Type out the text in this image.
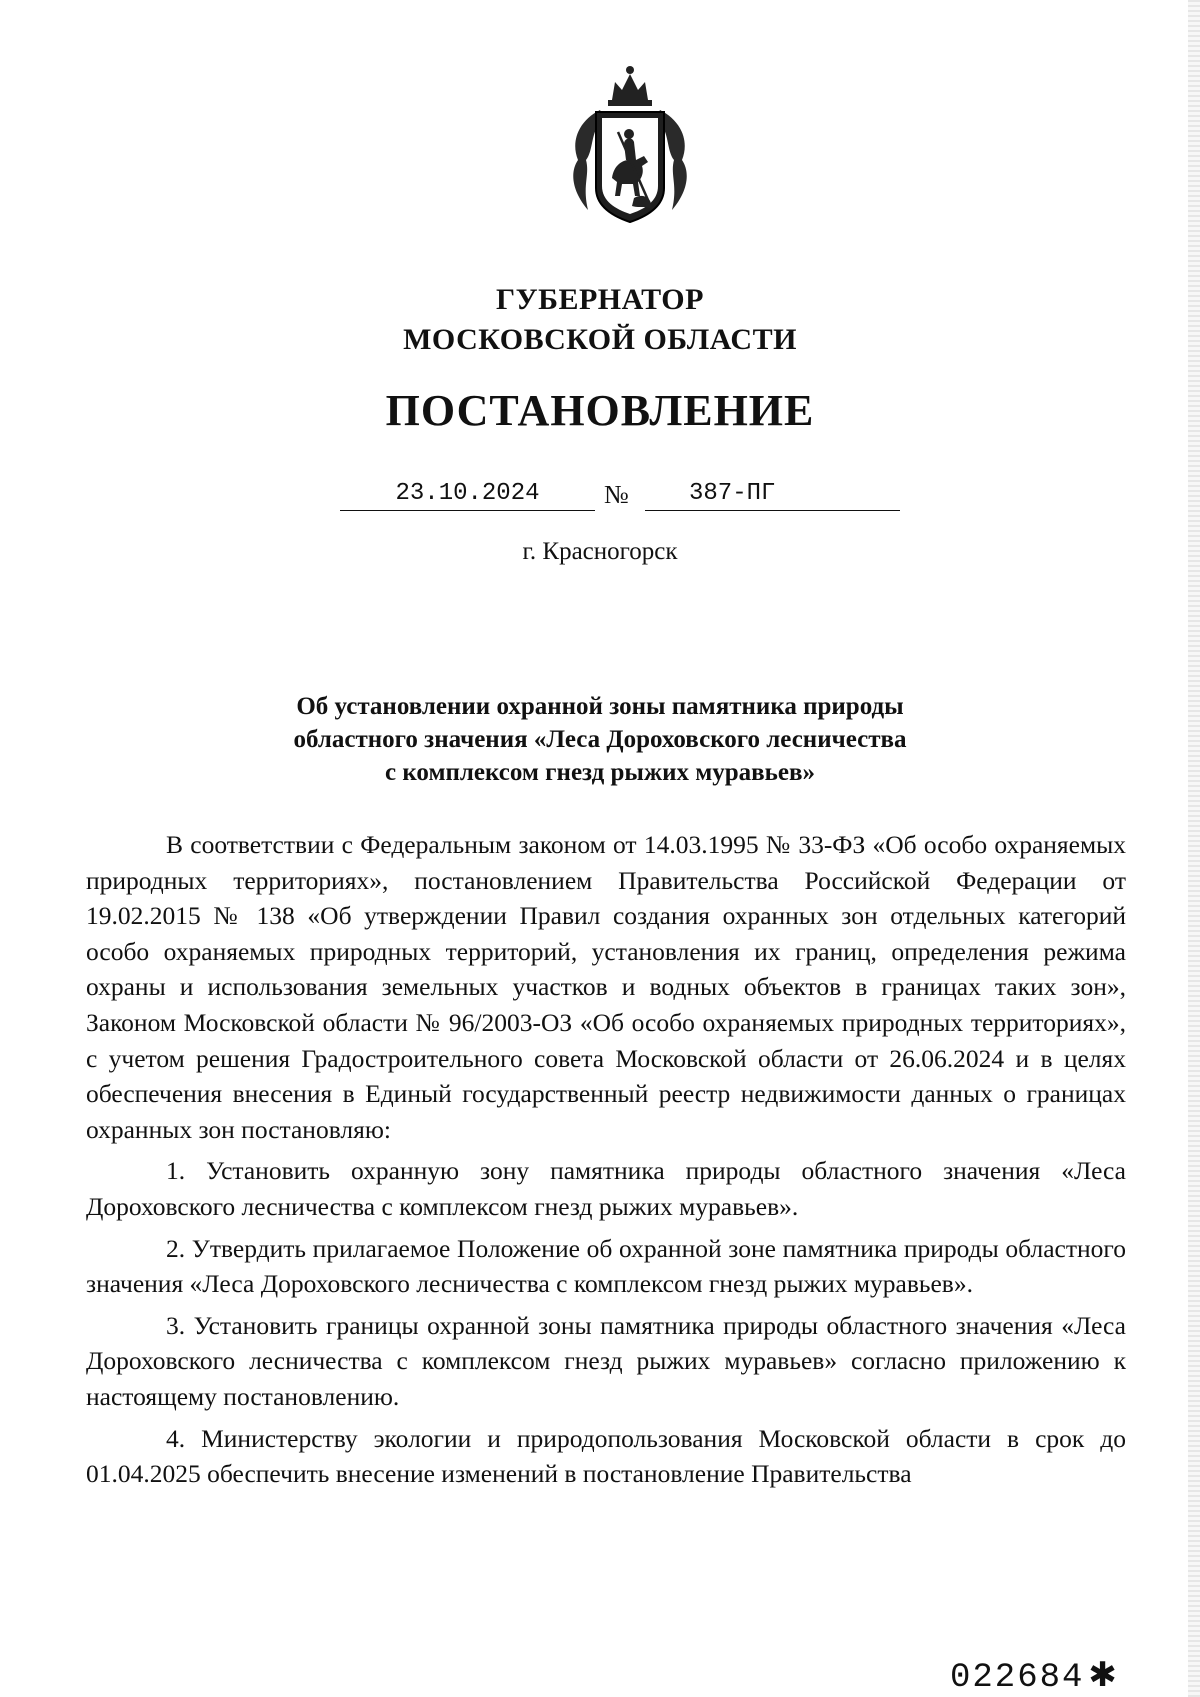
ГУБЕРНАТОР
МОСКОВСКОЙ ОБЛАСТИ
ПОСТАНОВЛЕНИЕ
23.10.2024	№	387-ПГ
г. Красногорск
Об установлении охранной зоны памятника природы
областного значения «Леса Дороховского лесничества
с комплексом гнезд рыжих муравьев»

В соответствии с Федеральным законом от 14.03.1995 № 33-ФЗ «Об особо охраняемых природных территориях», постановлением Правительства Российской Федерации от 19.02.2015 № 138 «Об утверждении Правил создания охранных зон отдельных категорий особо охраняемых природных территорий, установления их границ, определения режима охраны и использования земельных участков и водных объектов в границах таких зон», Законом Московской области № 96/2003-ОЗ «Об особо охраняемых природных территориях», с учетом решения Градостроительного совета Московской области от 26.06.2024 и в целях обеспечения внесения в Единый государственный реестр недвижимости данных о границах охранных зон постановляю:

1. Установить охранную зону памятника природы областного значения «Леса Дороховского лесничества с комплексом гнезд рыжих муравьев».

2. Утвердить прилагаемое Положение об охранной зоне памятника природы областного значения «Леса Дороховского лесничества с комплексом гнезд рыжих муравьев».

3. Установить границы охранной зоны памятника природы областного значения «Леса Дороховского лесничества с комплексом гнезд рыжих муравьев» согласно приложению к настоящему постановлению.

4. Министерству экологии и природопользования Московской области в срок до 01.04.2025 обеспечить внесение изменений в постановление Правительства

022684 ✱
